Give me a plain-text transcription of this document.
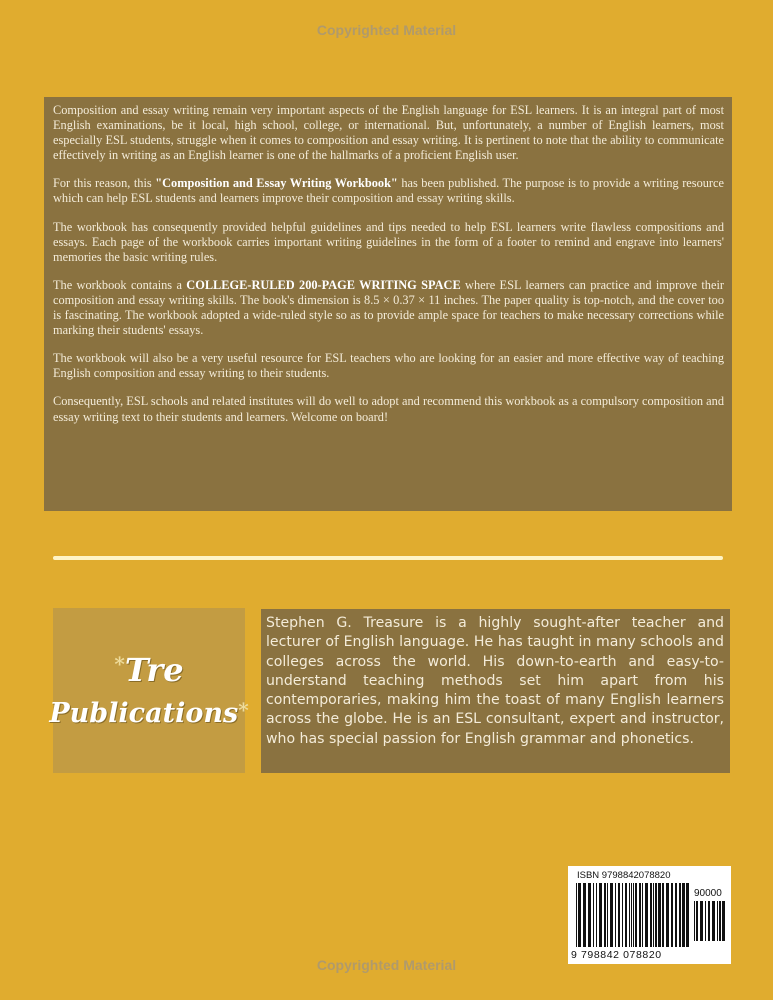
Copyrighted Material

Composition and essay writing remain very important aspects of the English language for ESL learners. It is an integral part of most English examinations, be it local, high school, college, or international. But, unfortunately, a number of English learners, most especially ESL students, struggle when it comes to composition and essay writing. It is pertinent to note that the ability to communicate effectively in writing as an English learner is one of the hallmarks of a proficient English user.

For this reason, this "Composition and Essay Writing Workbook" has been published. The purpose is to provide a writing resource which can help ESL students and learners improve their composition and essay writing skills.

The workbook has consequently provided helpful guidelines and tips needed to help ESL learners write flawless compositions and essays. Each page of the workbook carries important writing guidelines in the form of a footer to remind and engrave into learners' memories the basic writing rules.

The workbook contains a COLLEGE-RULED 200-PAGE WRITING SPACE where ESL learners can practice and improve their composition and essay writing skills. The book's dimension is 8.5 × 0.37 × 11 inches. The paper quality is top-notch, and the cover too is fascinating. The workbook adopted a wide-ruled style so as to provide ample space for teachers to make necessary corrections while marking their students' essays.

The workbook will also be a very useful resource for ESL teachers who are looking for an easier and more effective way of teaching English composition and essay writing to their students.

Consequently, ESL schools and related institutes will do well to adopt and recommend this workbook as a compulsory composition and essay writing text to their students and learners. Welcome on board!

*Tre
Publications*
Stephen G. Treasure is a highly sought-after teacher and lecturer of English language. He has taught in many schools and colleges across the world. His down-to-earth and easy-to-understand teaching methods set him apart from his contemporaries, making him the toast of many English learners across the globe. He is an ESL consultant, expert and instructor, who has special passion for English grammar and phonetics.
ISBN 9798842078820
90000
9 798842 078820
Copyrighted Material
